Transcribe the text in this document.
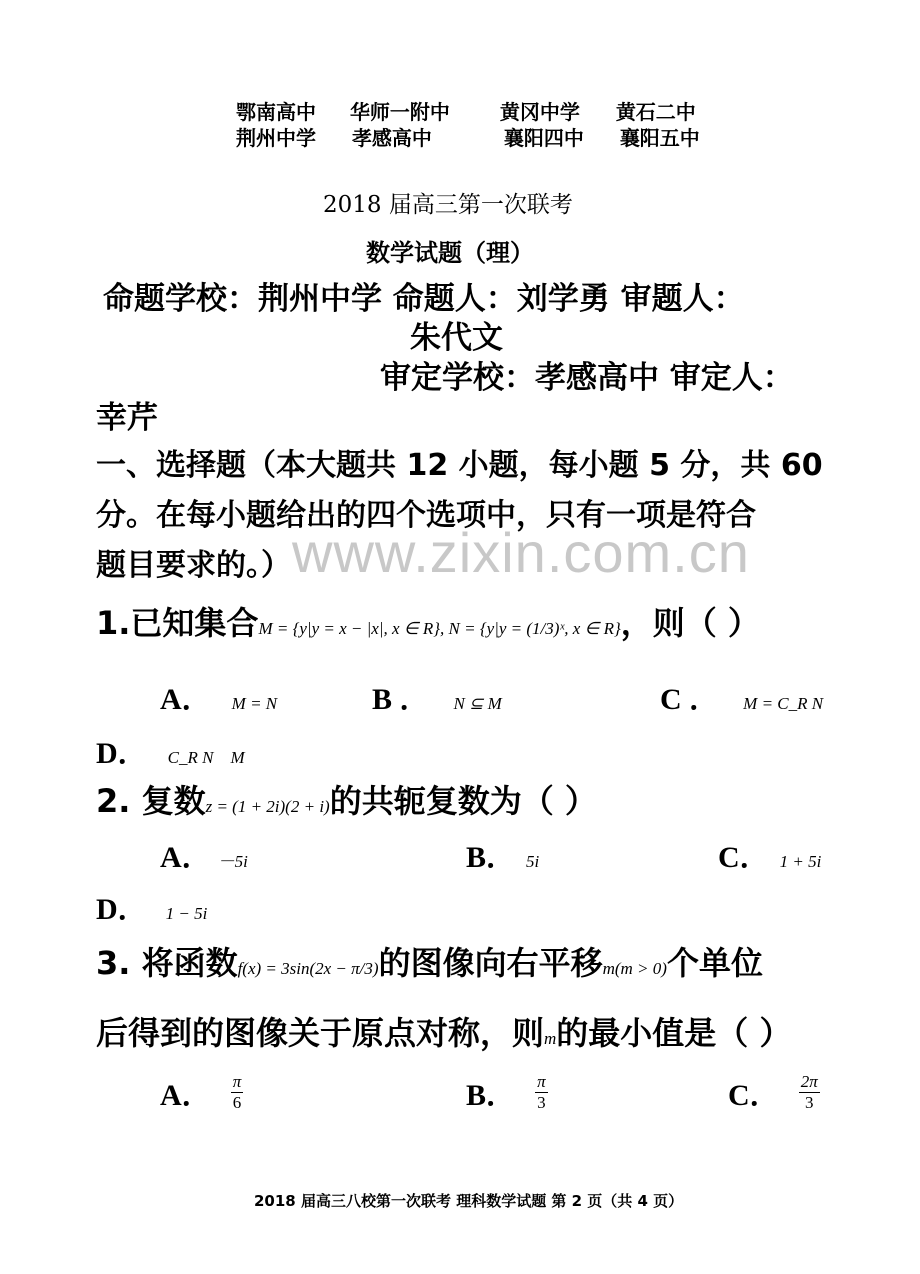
鄂南高中 华师一附中 黄冈中学 黄石二中
荆州中学 孝感高中	襄阳四中 襄阳五中
2018 届高三第一次联考
数学试题（理）
命题学校：荆州中学 命题人：刘学勇 审题人：
朱代文
审定学校：孝感高中 审定人：
幸芹
一、选择题（本大题共 12 小题，每小题 5 分，共 60
分。在每小题给出的四个选项中，只有一项是符合
题目要求的。） www.zixin.com.cn
1.已知集合M = {y|y = x − |x|, x ∈ R}, N = {y|y = (1/3)ˣ, x ∈ R}，则（ ）
A． M = N	B ． N ⊆ M	C ． M = C_R N
D． C_R N    M
2. 复数z = (1 + 2i)(2 + i)的共轭复数为（ ）
A． －5i	B． 5i	C． 1 + 5i
D． 1 − 5i
3. 将函数f(x) = 3sin(2x − π/3)的图像向右平移m(m > 0)个单位
后得到的图像关于原点对称，则m的最小值是（ ）
A． $\frac{\pi}{6}$	B． $\frac{\pi}{3}$	C． $\frac{2\pi}{3}$
2018 届高三八校第一次联考 理科数学试题 第 2 页（共 4 页）
